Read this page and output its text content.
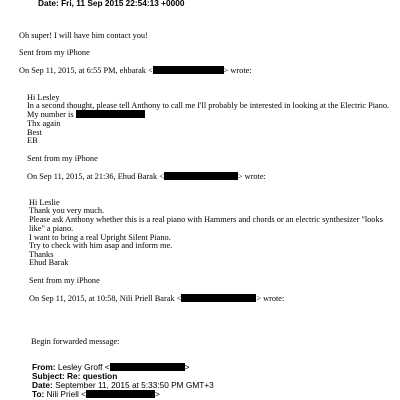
Date: Fri, 11 Sep 2015 22:54:13 +0000
Oh super! I will have him contact you!
Sent from my iPhone
On Sep 11, 2015, at 6:55 PM, ehbarak <	> wrote:
Hi Lesley
In a second thought, please tell Anthony to call me I'll probably be interested in looking at the Electric Piano.
My number is
Thx again
Best
EB
Sent from my iPhone
On Sep 11, 2015, at 21:36, Ehud Barak <	> wrote:
Hi Leslie
Thank you very much.
Please ask Anthony whether this is a real piano with Hammers and chords or an electric synthesizer "looks
like" a piano.
I want to bring a real Upright Silent Piano.
Try to check with him asap and inform me.
Thanks
Ehud Barak
Sent from my iPhone
On Sep 11, 2015, at 10:58, Nili Priell Barak <	> wrote:
Begin forwarded message:
From: Lesley Groff <	>
Subject: Re: question
Date: September 11, 2015 at 5:33:50 PM GMT+3
To: Nili Priell <	>
